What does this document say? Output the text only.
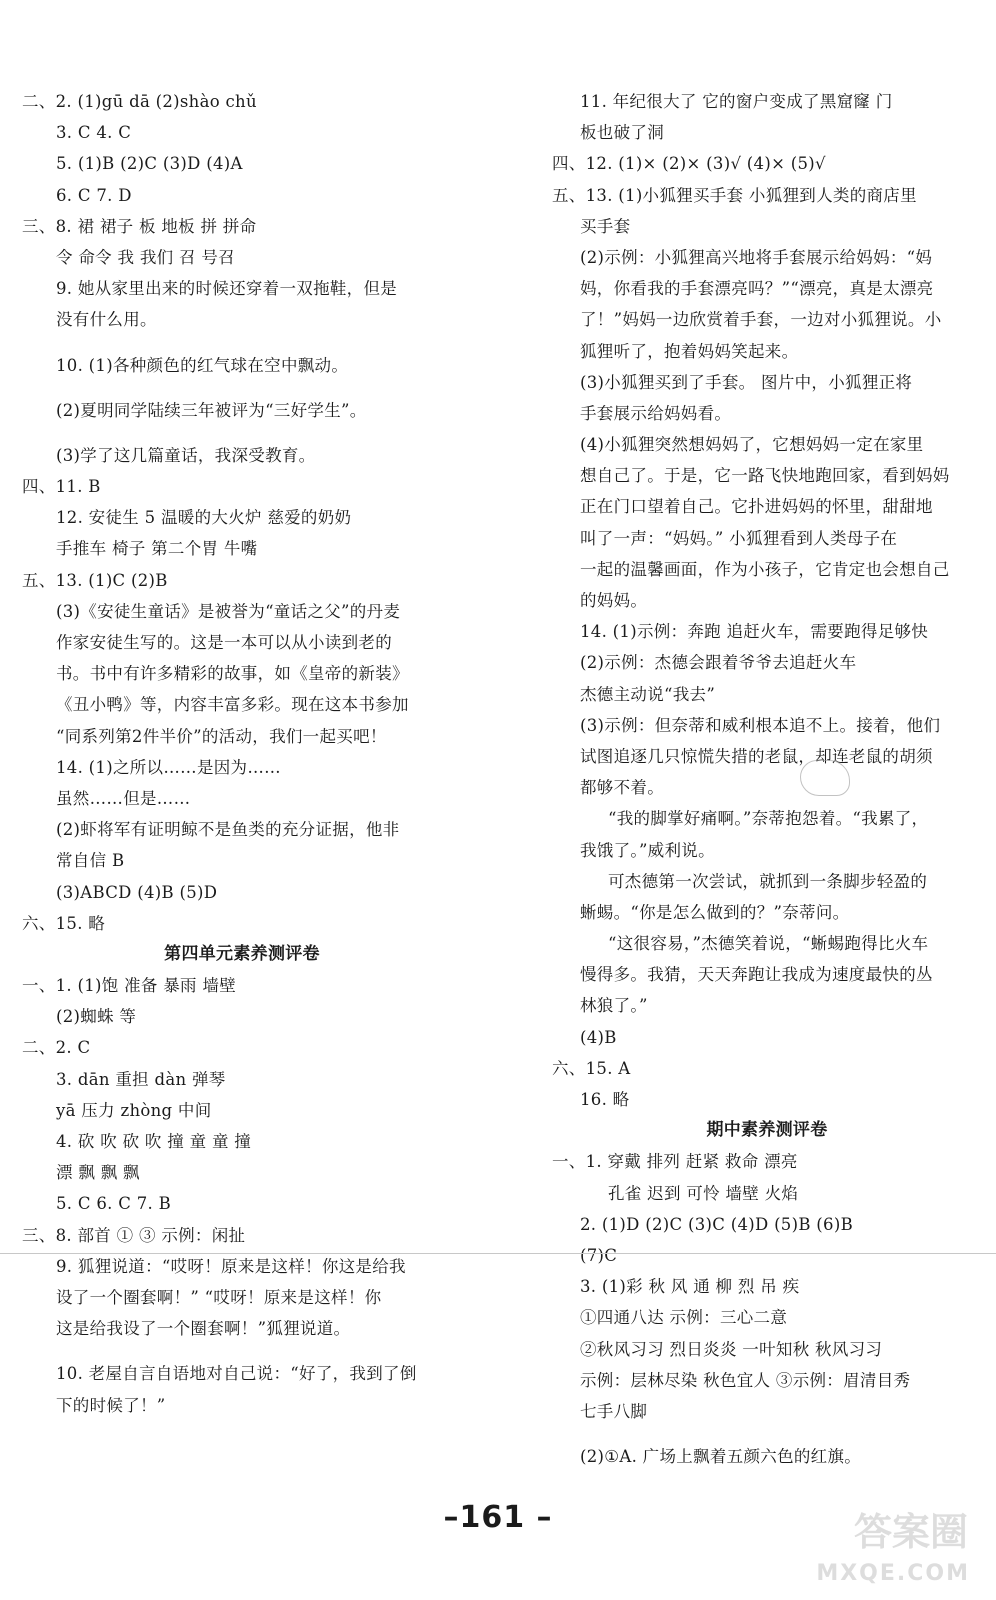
二、2. (1)gū dā (2)shào chǔ
3. C 4. C
5. (1)B (2)C (3)D (4)A
6. C 7. D
三、8. 裙 裙子 板 地板 拼 拼命
令 命令 我 我们 召 号召
9. 她从家里出来的时候还穿着一双拖鞋，但是
没有什么用。
10. (1)各种颜色的红气球在空中飘动。
(2)夏明同学陆续三年被评为“三好学生”。
(3)学了这几篇童话，我深受教育。
四、11. B
12. 安徒生 5 温暖的大火炉 慈爱的奶奶
手推车 椅子 第二个胃 牛嘴
五、13. (1)C (2)B
(3)《安徒生童话》是被誉为“童话之父”的丹麦
作家安徒生写的。这是一本可以从小读到老的
书。书中有许多精彩的故事，如《皇帝的新装》
《丑小鸭》等，内容丰富多彩。现在这本书参加
“同系列第2件半价”的活动，我们一起买吧！
14. (1)之所以……是因为……
虽然……但是……
(2)虾将军有证明鲸不是鱼类的充分证据，他非
常自信 B
(3)ABCD (4)B (5)D
六、15. 略
第四单元素养测评卷
一、1. (1)饱 准备 暴雨 墙壁
(2)蜘蛛 等
二、2. C
3. dān 重担 dàn 弹琴
yā 压力 zhòng 中间
4. 砍 吹 砍 吹 撞 童 童 撞
漂 飘 飘 飘
5. C 6. C 7. B
三、8. 部首 ① ③ 示例：闲扯
9. 狐狸说道：“哎呀！原来是这样！你这是给我
设了一个圈套啊！” “哎呀！原来是这样！你
这是给我设了一个圈套啊！”狐狸说道。
10. 老屋自言自语地对自己说：“好了，我到了倒
下的时候了！”
11. 年纪很大了 它的窗户变成了黑窟窿 门
板也破了洞
四、12. (1)× (2)× (3)√ (4)× (5)√
五、13. (1)小狐狸买手套 小狐狸到人类的商店里
买手套
(2)示例：小狐狸高兴地将手套展示给妈妈：“妈
妈，你看我的手套漂亮吗？”“漂亮，真是太漂亮
了！”妈妈一边欣赏着手套，一边对小狐狸说。小
狐狸听了，抱着妈妈笑起来。
(3)小狐狸买到了手套。 图片中，小狐狸正将
手套展示给妈妈看。
(4)小狐狸突然想妈妈了，它想妈妈一定在家里
想自己了。于是，它一路飞快地跑回家，看到妈妈
正在门口望着自己。它扑进妈妈的怀里，甜甜地
叫了一声：“妈妈。” 小狐狸看到人类母子在
一起的温馨画面，作为小孩子，它肯定也会想自己
的妈妈。
14. (1)示例：奔跑 追赶火车，需要跑得足够快
(2)示例：杰德会跟着爷爷去追赶火车
杰德主动说“我去”
(3)示例：但奈蒂和威利根本追不上。接着，他们
试图追逐几只惊慌失措的老鼠，却连老鼠的胡须
都够不着。
“我的脚掌好痛啊。”奈蒂抱怨着。“我累了，
我饿了。”威利说。
可杰德第一次尝试，就抓到一条脚步轻盈的
蜥蜴。“你是怎么做到的？”奈蒂问。
“这很容易，”杰德笑着说，“蜥蜴跑得比火车
慢得多。我猜，天天奔跑让我成为速度最快的丛
林狼了。”
(4)B
六、15. A
16. 略
期中素养测评卷
一、1. 穿戴 排列 赶紧 救命 漂亮
孔雀 迟到 可怜 墙壁 火焰
2. (1)D (2)C (3)C (4)D (5)B (6)B
(7)C
3. (1)彩 秋 风 通 柳 烈 吊 疾
①四通八达 示例：三心二意
②秋风习习 烈日炎炎 一叶知秋 秋风习习
示例：层林尽染 秋色宜人 ③示例：眉清目秀
七手八脚
(2)①A. 广场上飘着五颜六色的红旗。
–161 –	答案圈
MXQE.COM
